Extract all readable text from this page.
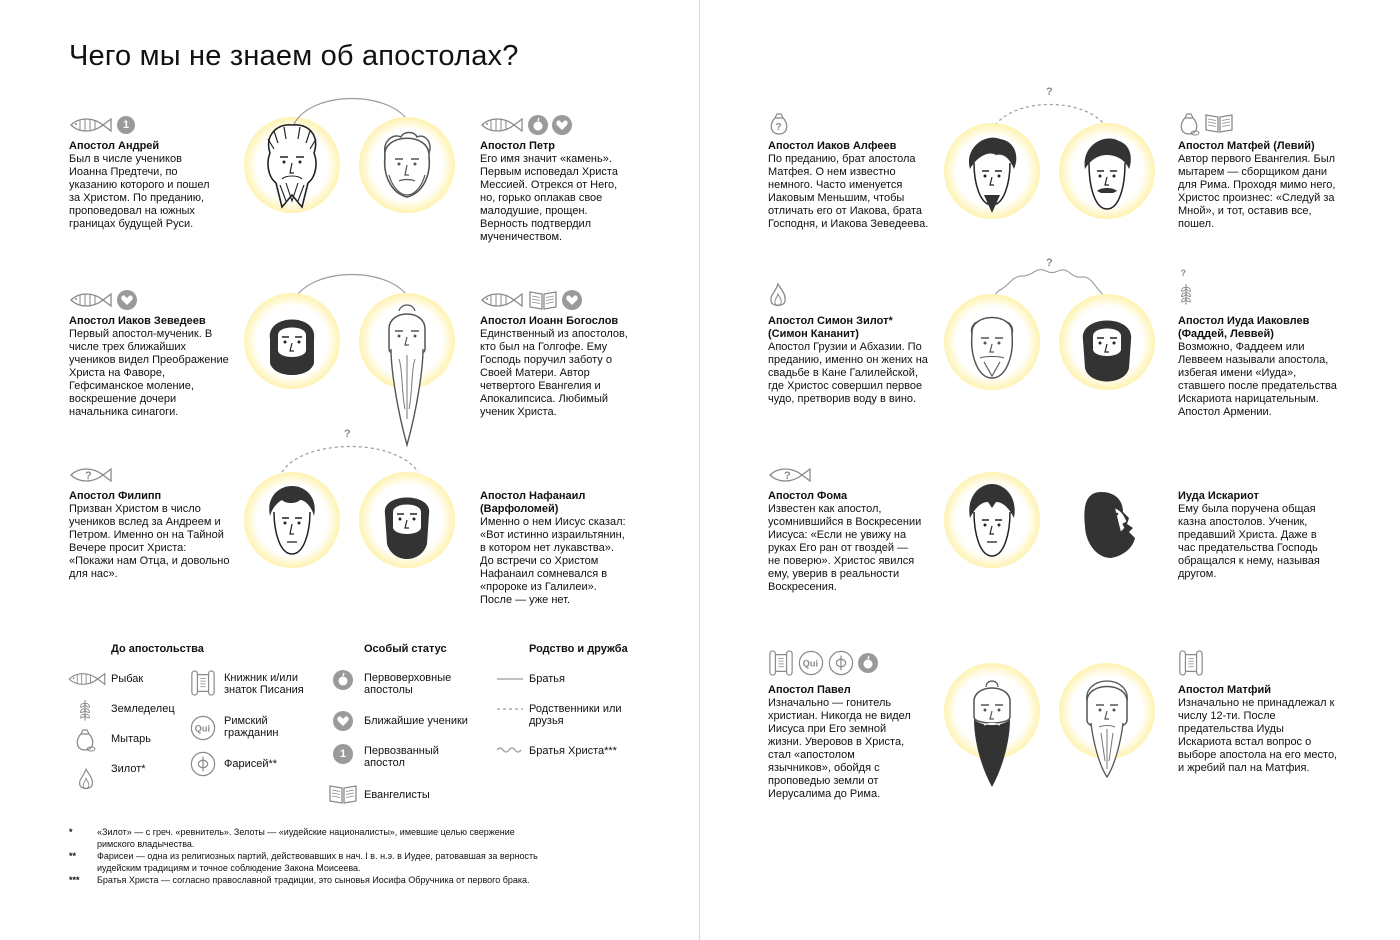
Чего мы не знаем об апостолах?
1
Апостол Андрей
Был в числе учеников Иоанна Предтечи, по указанию которого и пошел за Христом. По преданию, проповедовал на южных границах будущей Руси.
Апостол Петр
Его имя значит «камень». Первым исповедал Христа Мессией. Отрекся от Него, но, горько оплакав свое малодушие, прощен. Верность подтвердил мученичеством.
Апостол Иаков Зеведеев
Первый апостол-мученик. В числе трех ближайших учеников видел Преображение Христа на Фаворе, Гефсиманское моление, воскрешение дочери начальника синагоги.
Апостол Иоанн Богослов
Единственный из апостолов, кто был на Голгофе. Ему Господь поручил заботу о Своей Матери. Автор четвертого Евангелия и Апокалипсиса. Любимый ученик Христа.
Апостол Филипп
Призван Христом в число учеников вслед за Андреем и Петром. Именно он на Тайной Вечере просит Христа: «Покажи нам Отца, и довольно для нас».
?
Апостол Нафанаил (Варфоломей)
Именно о нем Иисус сказал: «Вот истинно израильтянин, в котором нет лукавства». До встречи со Христом Нафанаил сомневался в «пророке из Галилеи». После — уже нет.
До апостольства	Особый статус	Родство и дружба
Рыбак
Земледелец
Мытарь
Зилот*
Книжник и/или знаток Писания
Римский гражданин
Фарисей**
Первоверховные апостолы
Ближайшие ученики
1	Первозванный апостол
Евангелисты
Братья
Родственники или друзья
Братья Христа***
*	«Зилот» — с греч. «ревнитель». Зелоты — «иудейские националисты», имевшие целью свержение римского владычества.
**	Фарисеи — одна из религиозных партий, действовавших в нач. I в. н.э. в Иудее, ратовавшая за верность иудейским традициям и точное соблюдение Закона Моисеева.
***	Братья Христа — согласно православной традиции, это сыновья Иосифа Обручника от первого брака.
Апостол Иаков Алфеев
По преданию, брат апостола Матфея. О нем известно немного. Часто именуется Иаковым Меньшим, чтобы отличать его от Иакова, брата Господня, и Иакова Зеведеева.
?
Апостол Матфей (Левий)
Автор первого Евангелия. Был мытарем — сборщиком дани для Рима. Проходя мимо него, Христос произнес: «Следуй за Мной», и тот, оставив все, пошел.
Апостол Симон Зилот* (Симон Кананит)
Апостол Грузии и Абхазии. По преданию, именно он жених на свадьбе в Кане Галилейской, где Христос совершил первое чудо, претворив воду в вино.
?
Апостол Иуда Иаковлев (Фаддей, Леввей)
Возможно, Фаддеем или Леввеем называли апостола, избегая имени «Иуда», ставшего после предательства Искариота нарицательным. Апостол Армении.
Апостол Фома
Известен как апостол, усомнившийся в Воскресении Иисуса: «Если не увижу на руках Его ран от гвоздей — не поверю». Христос явился ему, уверив в реальности Воскресения.
Иуда Искариот
Ему была поручена общая казна апостолов. Ученик, предавший Христа. Даже в час предательства Господь обращался к нему, называя другом.
Апостол Павел
Изначально — гонитель христиан. Никогда не видел Иисуса при Его земной жизни. Уверовов в Христа, стал «апостолом язычников», обойдя с проповедью земли от Иерусалима до Рима.
Апостол Матфий
Изначально не принадлежал к числу 12-ти. После предательства Иуды Искариота встал вопрос о выборе апостола на его место, и жребий пал на Матфия.
